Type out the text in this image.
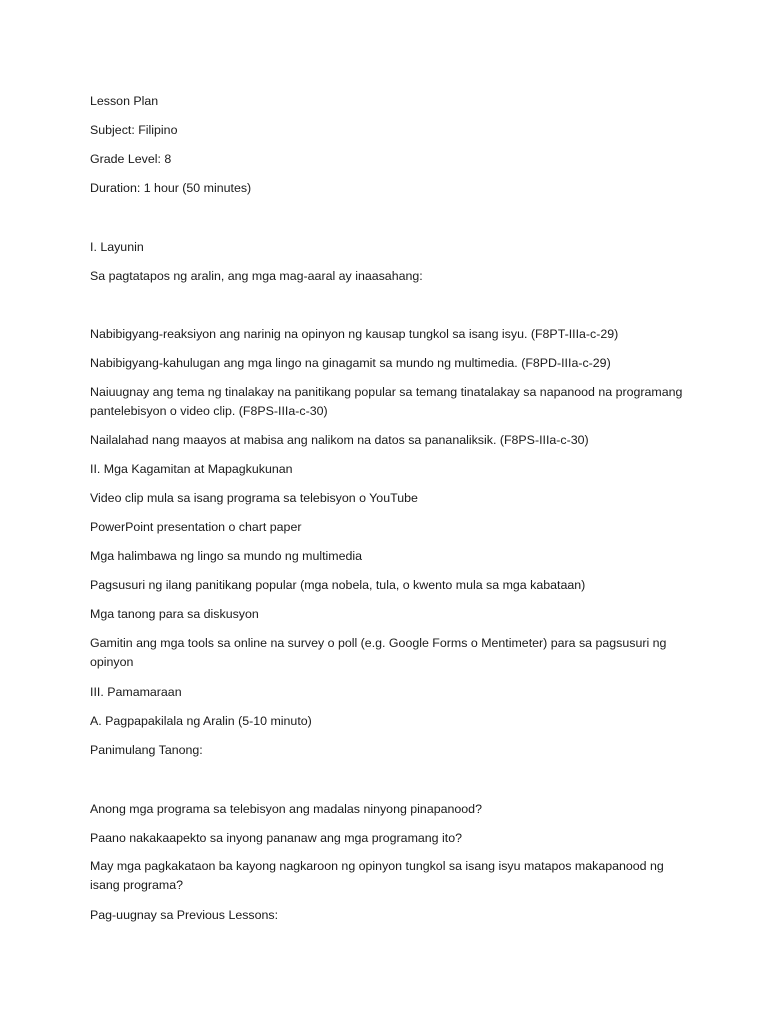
Lesson Plan

Subject: Filipino

Grade Level: 8

Duration: 1 hour (50 minutes)

I. Layunin

Sa pagtatapos ng aralin, ang mga mag-aaral ay inaasahang:

Nabibigyang-reaksiyon ang narinig na opinyon ng kausap tungkol sa isang isyu. (F8PT-IIIa-c-29)

Nabibigyang-kahulugan ang mga lingo na ginagamit sa mundo ng multimedia. (F8PD-IIIa-c-29)

Naiuugnay ang tema ng tinalakay na panitikang popular sa temang tinatalakay sa napanood na programang pantelebisyon o video clip. (F8PS-IIIa-c-30)

Nailalahad nang maayos at mabisa ang nalikom na datos sa pananaliksik. (F8PS-IIIa-c-30)

II. Mga Kagamitan at Mapagkukunan

Video clip mula sa isang programa sa telebisyon o YouTube

PowerPoint presentation o chart paper

Mga halimbawa ng lingo sa mundo ng multimedia

Pagsusuri ng ilang panitikang popular (mga nobela, tula, o kwento mula sa mga kabataan)

Mga tanong para sa diskusyon

Gamitin ang mga tools sa online na survey o poll (e.g. Google Forms o Mentimeter) para sa pagsusuri ng opinyon

III. Pamamaraan

A. Pagpapakilala ng Aralin (5-10 minuto)

Panimulang Tanong:

Anong mga programa sa telebisyon ang madalas ninyong pinapanood?

Paano nakakaapekto sa inyong pananaw ang mga programang ito?

May mga pagkakataon ba kayong nagkaroon ng opinyon tungkol sa isang isyu matapos makapanood ng isang programa?

Pag-uugnay sa Previous Lessons:
